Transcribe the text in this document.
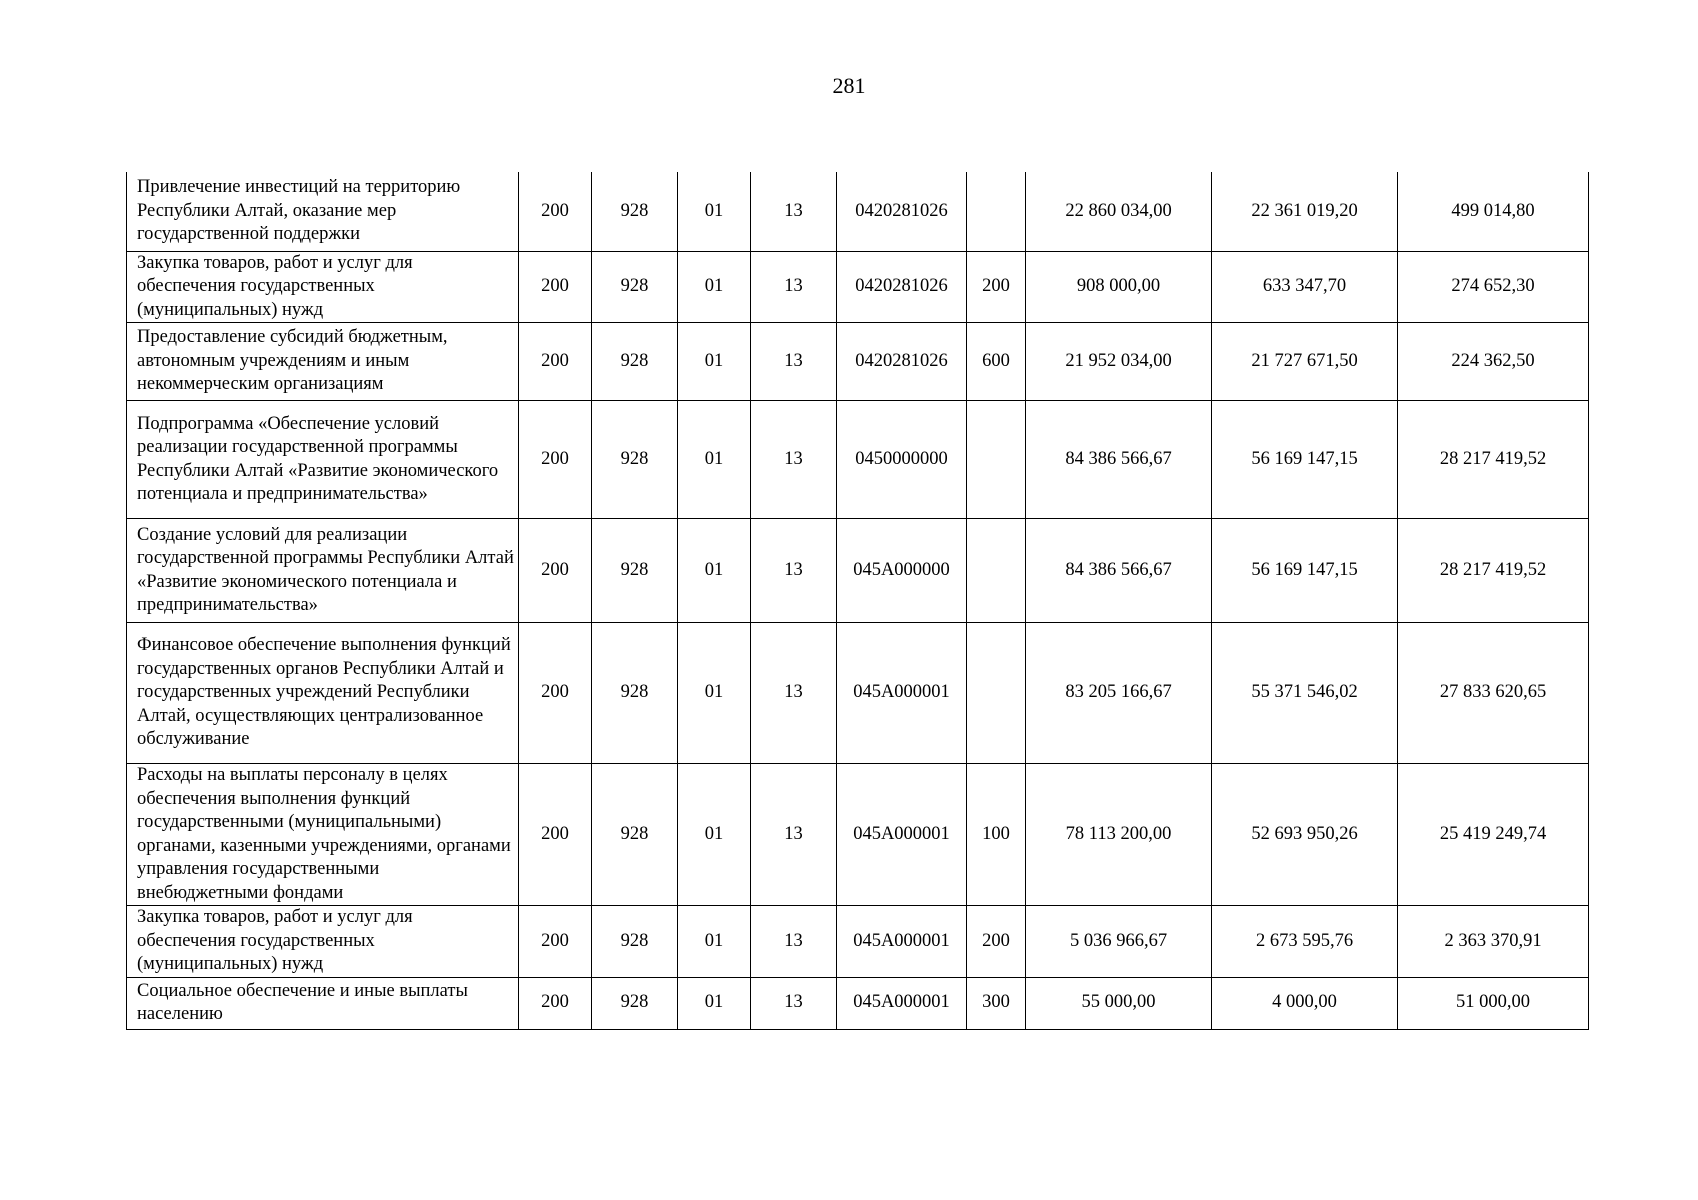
281
Привлечение инвестиций на территорию Республики Алтай, оказание мер государственной поддержки	200	928	01	13	0420281026		22 860 034,00	22 361 019,20	499 014,80
Закупка товаров, работ и услуг для обеспечения государственных (муниципальных) нужд	200	928	01	13	0420281026	200	908 000,00	633 347,70	274 652,30
Предоставление субсидий бюджетным, автономным учреждениям и иным некоммерческим организациям	200	928	01	13	0420281026	600	21 952 034,00	21 727 671,50	224 362,50
Подпрограмма «Обеспечение условий реализации государственной программы Республики Алтай «Развитие экономического потенциала и предпринимательства»	200	928	01	13	0450000000		84 386 566,67	56 169 147,15	28 217 419,52
Создание условий для реализации государственной программы Республики Алтай «Развитие экономического потенциала и предпринимательства»	200	928	01	13	045A000000		84 386 566,67	56 169 147,15	28 217 419,52
Финансовое обеспечение выполнения функций государственных органов Республики Алтай и государственных учреждений Республики Алтай, осуществляющих централизованное обслуживание	200	928	01	13	045A000001		83 205 166,67	55 371 546,02	27 833 620,65
Расходы на выплаты персоналу в целях обеспечения выполнения функций государственными (муниципальными) органами, казенными учреждениями, органами управления государственными внебюджетными фондами	200	928	01	13	045A000001	100	78 113 200,00	52 693 950,26	25 419 249,74
Закупка товаров, работ и услуг для обеспечения государственных (муниципальных) нужд	200	928	01	13	045A000001	200	5 036 966,67	2 673 595,76	2 363 370,91
Социальное обеспечение и иные выплаты населению	200	928	01	13	045A000001	300	55 000,00	4 000,00	51 000,00
